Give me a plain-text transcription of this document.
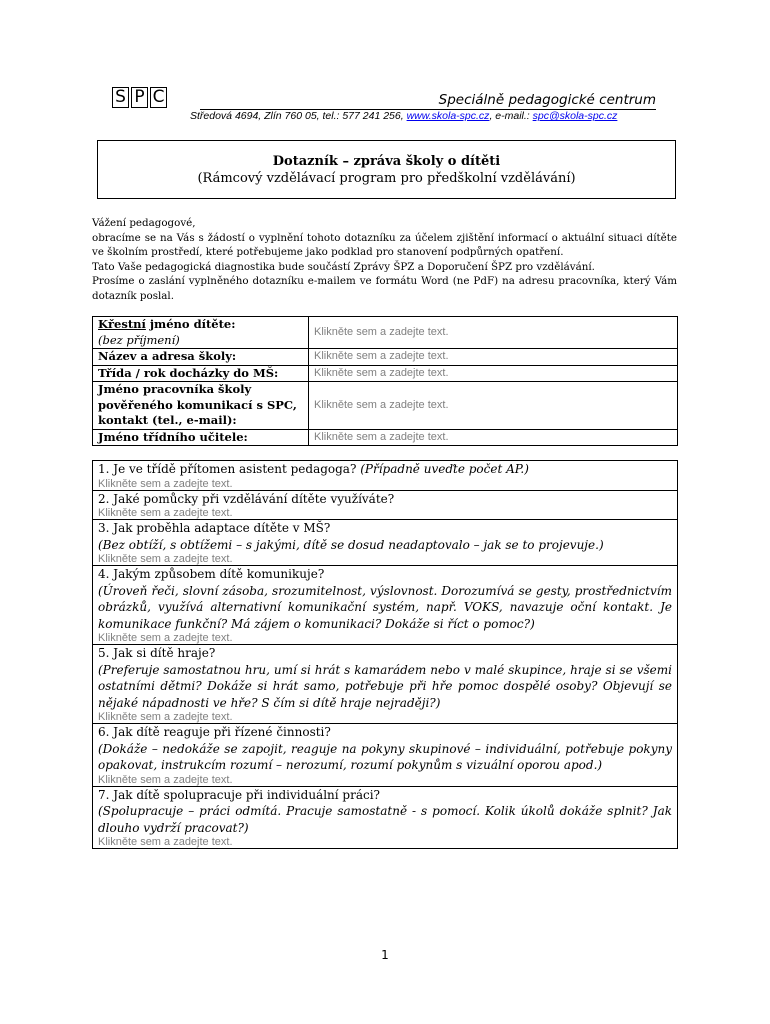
S P C	Speciálně pedagogické centrum
Středová 4694, Zlín 760 05, tel.: 577 241 256, www.skola-spc.cz, e-mail.: spc@skola-spc.cz
Dotazník – zpráva školy o dítěti
(Rámcový vzdělávací program pro předškolní vzdělávání)

Vážení pedagogové,

obracíme se na Vás s žádostí o vyplnění tohoto dotazníku za účelem zjištění informací o aktuální situaci dítěte ve školním prostředí, které potřebujeme jako podklad pro stanovení podpůrných opatření.

Tato Vaše pedagogická diagnostika bude součástí Zprávy ŠPZ a Doporučení ŠPZ pro vzdělávání.

Prosíme o zaslání vyplněného dotazníku e-mailem ve formátu Word (ne PdF) na adresu pracovníka, který Vám dotazník poslal.

Křestní jméno dítěte:
(bez příjmení)	Klikněte sem a zadejte text.
Název a adresa školy:	Klikněte sem a zadejte text.
Třída / rok docházky do MŠ:	Klikněte sem a zadejte text.
Jméno pracovníka školy
pověřeného komunikací s SPC,
kontakt (tel., e-mail):	Klikněte sem a zadejte text.
Jméno třídního učitele:	Klikněte sem a zadejte text.
1. Je ve třídě přítomen asistent pedagoga? (Případně uveďte počet AP.)
Klikněte sem a zadejte text.

2. Jaké pomůcky při vzdělávání dítěte využíváte?
Klikněte sem a zadejte text.

3. Jak proběhla adaptace dítěte v MŠ?
(Bez obtíží, s obtížemi – s jakými, dítě se dosud neadaptovalo – jak se to projevuje.)
Klikněte sem a zadejte text.

4. Jakým způsobem dítě komunikuje?
(Úroveň řeči, slovní zásoba, srozumitelnost, výslovnost. Dorozumívá se gesty, prostřednictvím obrázků, využívá alternativní komunikační systém, např. VOKS, navazuje oční kontakt. Je komunikace funkční? Má zájem o komunikaci? Dokáže si říct o pomoc?)
Klikněte sem a zadejte text.

5. Jak si dítě hraje?
(Preferuje samostatnou hru, umí si hrát s kamarádem nebo v malé skupince, hraje si se všemi ostatními dětmi? Dokáže si hrát samo, potřebuje při hře pomoc dospělé osoby? Objevují se nějaké nápadnosti ve hře? S čím si dítě hraje nejraději?)
Klikněte sem a zadejte text.

6. Jak dítě reaguje při řízené činnosti?
(Dokáže – nedokáže se zapojit, reaguje na pokyny skupinové – individuální, potřebuje pokyny opakovat, instrukcím rozumí – nerozumí, rozumí pokynům s vizuální oporou apod.)
Klikněte sem a zadejte text.

7. Jak dítě spolupracuje při individuální práci?
(Spolupracuje – práci odmítá. Pracuje samostatně - s pomocí. Kolik úkolů dokáže splnit? Jak dlouho vydrží pracovat?)
Klikněte sem a zadejte text.
1
